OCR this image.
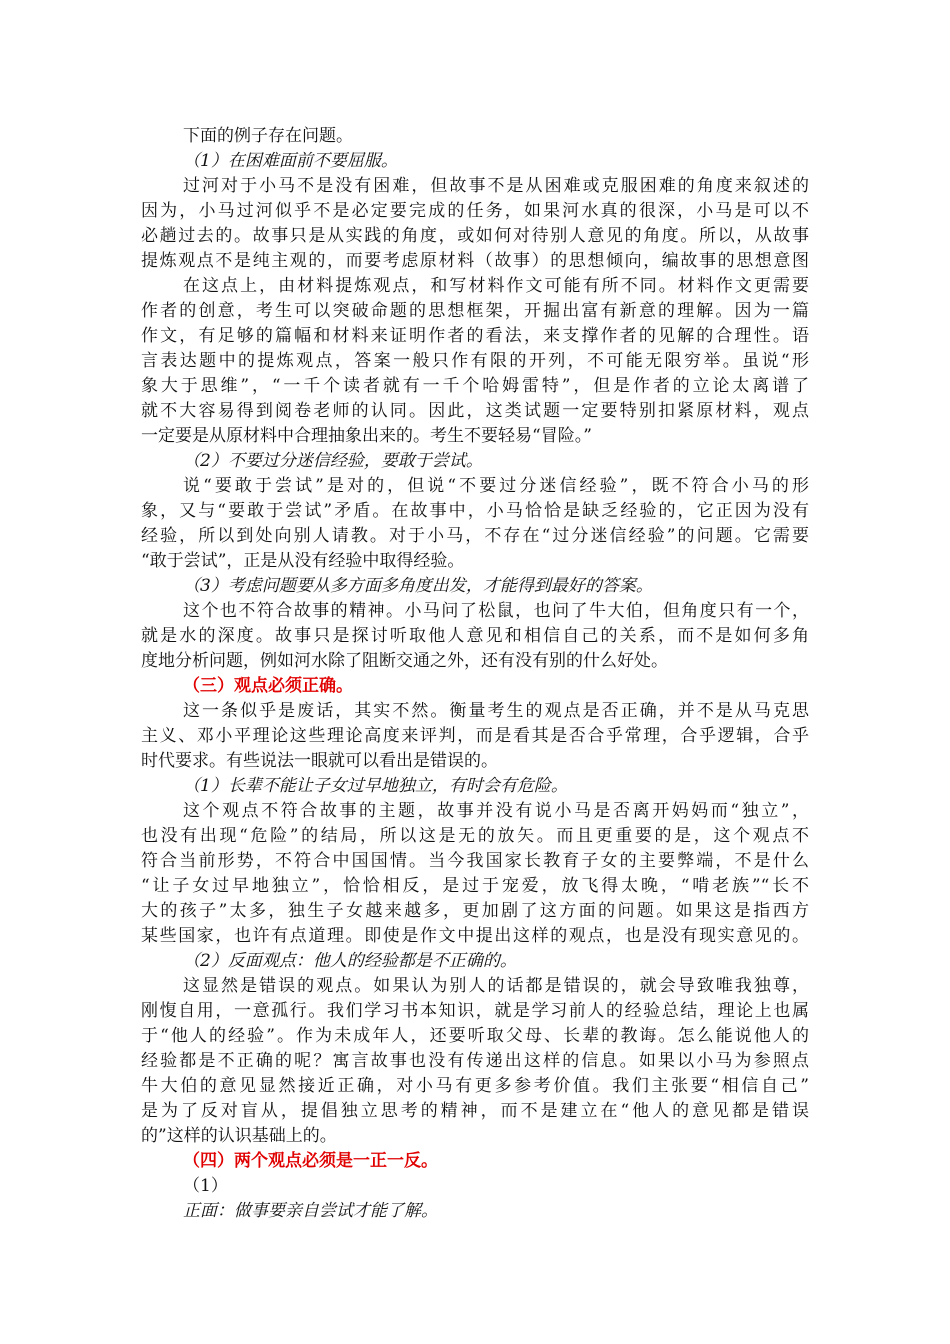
下面的例子存在问题。
（1）在困难面前不要屈服。
过河对于小马不是没有困难，但故事不是从困难或克服困难的角度来叙述的
因为，小马过河似乎不是必定要完成的任务，如果河水真的很深，小马是可以不
必趟过去的。故事只是从实践的角度，或如何对待别人意见的角度。所以，从故事
提炼观点不是纯主观的，而要考虑原材料（故事）的思想倾向，编故事的思想意图
在这点上，由材料提炼观点，和写材料作文可能有所不同。材料作文更需要
作者的创意，考生可以突破命题的思想框架，开掘出富有新意的理解。因为一篇
作文，有足够的篇幅和材料来证明作者的看法，来支撑作者的见解的合理性。语
言表达题中的提炼观点，答案一般只作有限的开列，不可能无限穷举。虽说“形
象大于思维”，“一千个读者就有一千个哈姆雷特”，但是作者的立论太离谱了
就不大容易得到阅卷老师的认同。因此，这类试题一定要特别扣紧原材料，观点
一定要是从原材料中合理抽象出来的。考生不要轻易“冒险。”
（2）不要过分迷信经验，要敢于尝试。
说“要敢于尝试”是对的，但说“不要过分迷信经验”，既不符合小马的形
象，又与“要敢于尝试”矛盾。在故事中，小马恰恰是缺乏经验的，它正因为没有
经验，所以到处向别人请教。对于小马，不存在“过分迷信经验”的问题。它需要
“敢于尝试”，正是从没有经验中取得经验。
（3）考虑问题要从多方面多角度出发，才能得到最好的答案。
这个也不符合故事的精神。小马问了松鼠，也问了牛大伯，但角度只有一个，
就是水的深度。故事只是探讨听取他人意见和相信自己的关系，而不是如何多角
度地分析问题，例如河水除了阻断交通之外，还有没有别的什么好处。
（三）观点必须正确。
这一条似乎是废话，其实不然。衡量考生的观点是否正确，并不是从马克思
主义、邓小平理论这些理论高度来评判，而是看其是否合乎常理，合乎逻辑，合乎
时代要求。有些说法一眼就可以看出是错误的。
（1）长辈不能让子女过早地独立，有时会有危险。
这个观点不符合故事的主题，故事并没有说小马是否离开妈妈而“独立”，
也没有出现“危险”的结局，所以这是无的放矢。而且更重要的是，这个观点不
符合当前形势，不符合中国国情。当今我国家长教育子女的主要弊端，不是什么
“让子女过早地独立”，恰恰相反，是过于宠爱，放飞得太晚，“啃老族”“长不
大的孩子”太多，独生子女越来越多，更加剧了这方面的问题。如果这是指西方
某些国家，也许有点道理。即使是作文中提出这样的观点，也是没有现实意见的。
（2）反面观点：他人的经验都是不正确的。
这显然是错误的观点。如果认为别人的话都是错误的，就会导致唯我独尊，
刚愎自用，一意孤行。我们学习书本知识，就是学习前人的经验总结，理论上也属
于“他人的经验”。作为未成年人，还要听取父母、长辈的教诲。怎么能说他人的
经验都是不正确的呢？寓言故事也没有传递出这样的信息。如果以小马为参照点
牛大伯的意见显然接近正确，对小马有更多参考价值。我们主张要“相信自己”
是为了反对盲从，提倡独立思考的精神，而不是建立在“他人的意见都是错误
的”这样的认识基础上的。
（四）两个观点必须是一正一反。
（1）
正面：做事要亲自尝试才能了解。
